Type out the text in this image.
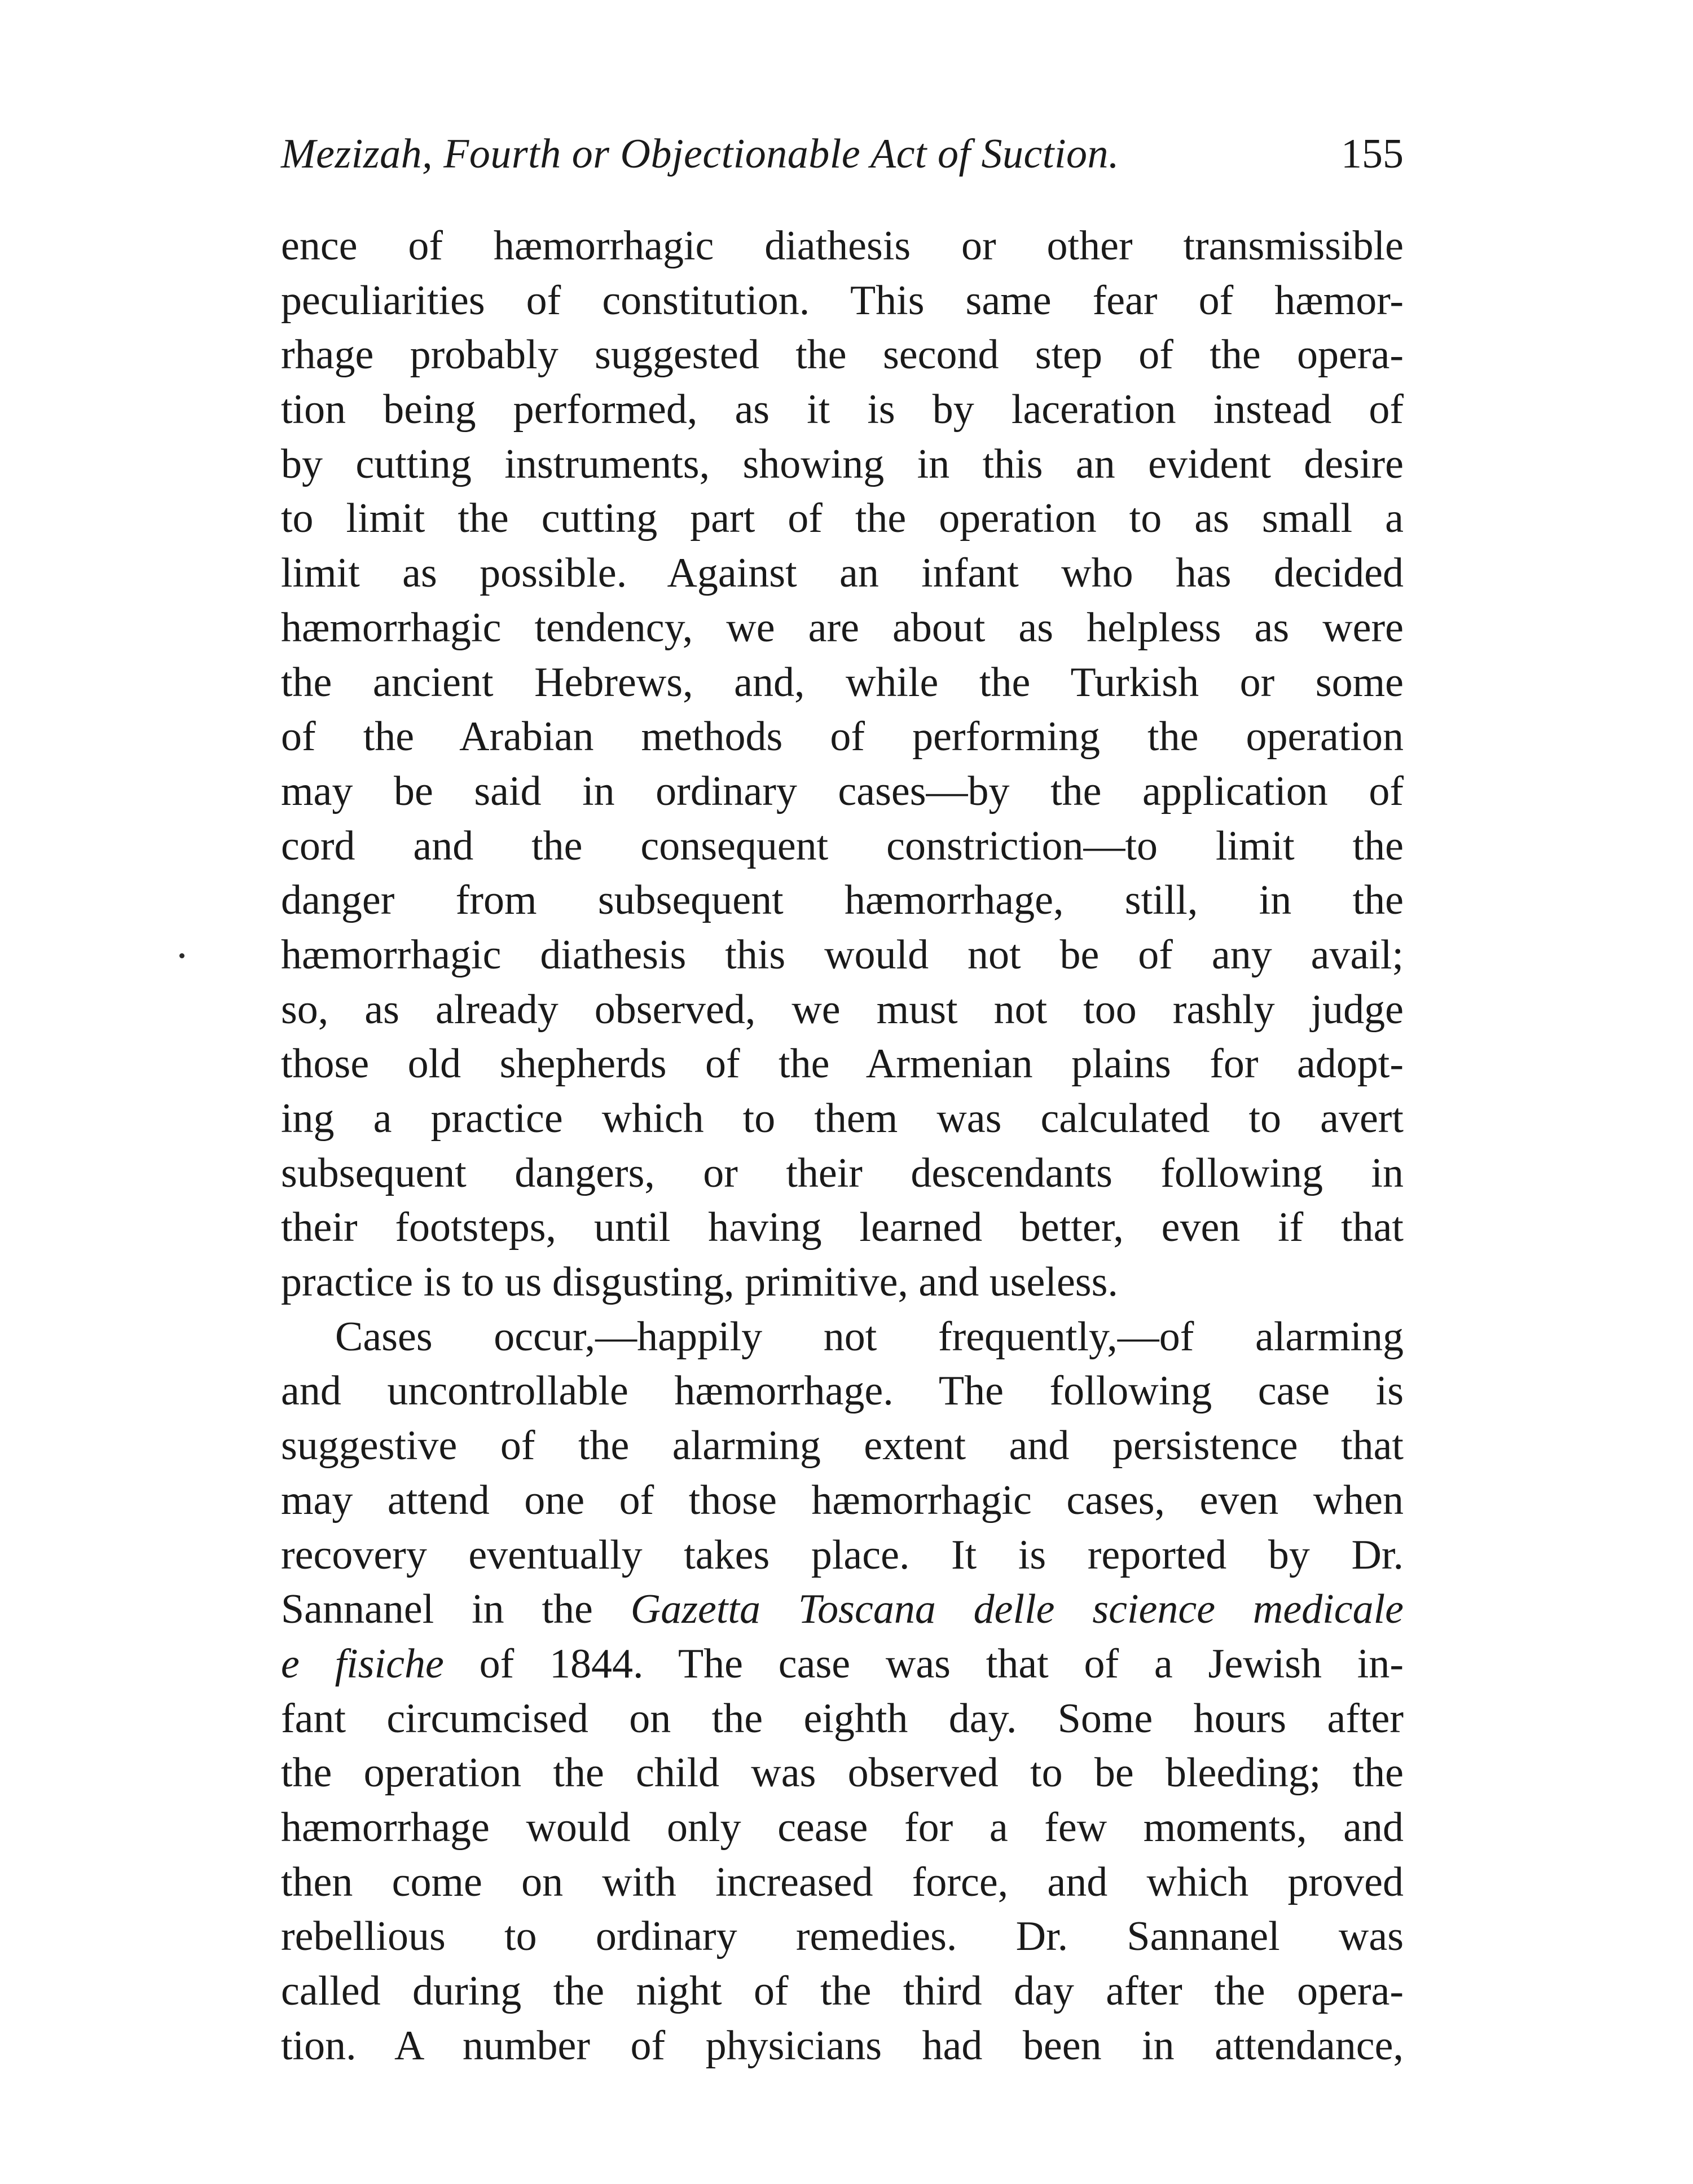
Mezizah, Fourth or Objectionable Act of Suction.	155
ence of hæmorrhagic diathesis or other transmissible
peculiarities of constitution. This same fear of hæmor-
rhage probably suggested the second step of the opera-
tion being performed, as it is by laceration instead of
by cutting instruments, showing in this an evident desire
to limit the cutting part of the operation to as small a
limit as possible. Against an infant who has decided
hæmorrhagic tendency, we are about as helpless as were
the ancient Hebrews, and, while the Turkish or some
of the Arabian methods of performing the operation
may be said in ordinary cases—by the application of
cord and the consequent constriction—to limit the
danger from subsequent hæmorrhage, still, in the
hæmorrhagic diathesis this would not be of any avail;
so, as already observed, we must not too rashly judge
those old shepherds of the Armenian plains for adopt-
ing a practice which to them was calculated to avert
subsequent dangers, or their descendants following in
their footsteps, until having learned better, even if that
practice is to us disgusting, primitive, and useless.
Cases occur,—happily not frequently,—of alarming
and uncontrollable hæmorrhage. The following case is
suggestive of the alarming extent and persistence that
may attend one of those hæmorrhagic cases, even when
recovery eventually takes place. It is reported by Dr.
Sannanel in the Gazetta Toscana delle science medicale
e fisiche of 1844. The case was that of a Jewish in-
fant circumcised on the eighth day. Some hours after
the operation the child was observed to be bleeding; the
hæmorrhage would only cease for a few moments, and
then come on with increased force, and which proved
rebellious to ordinary remedies. Dr. Sannanel was
called during the night of the third day after the opera-
tion. A number of physicians had been in attendance,
